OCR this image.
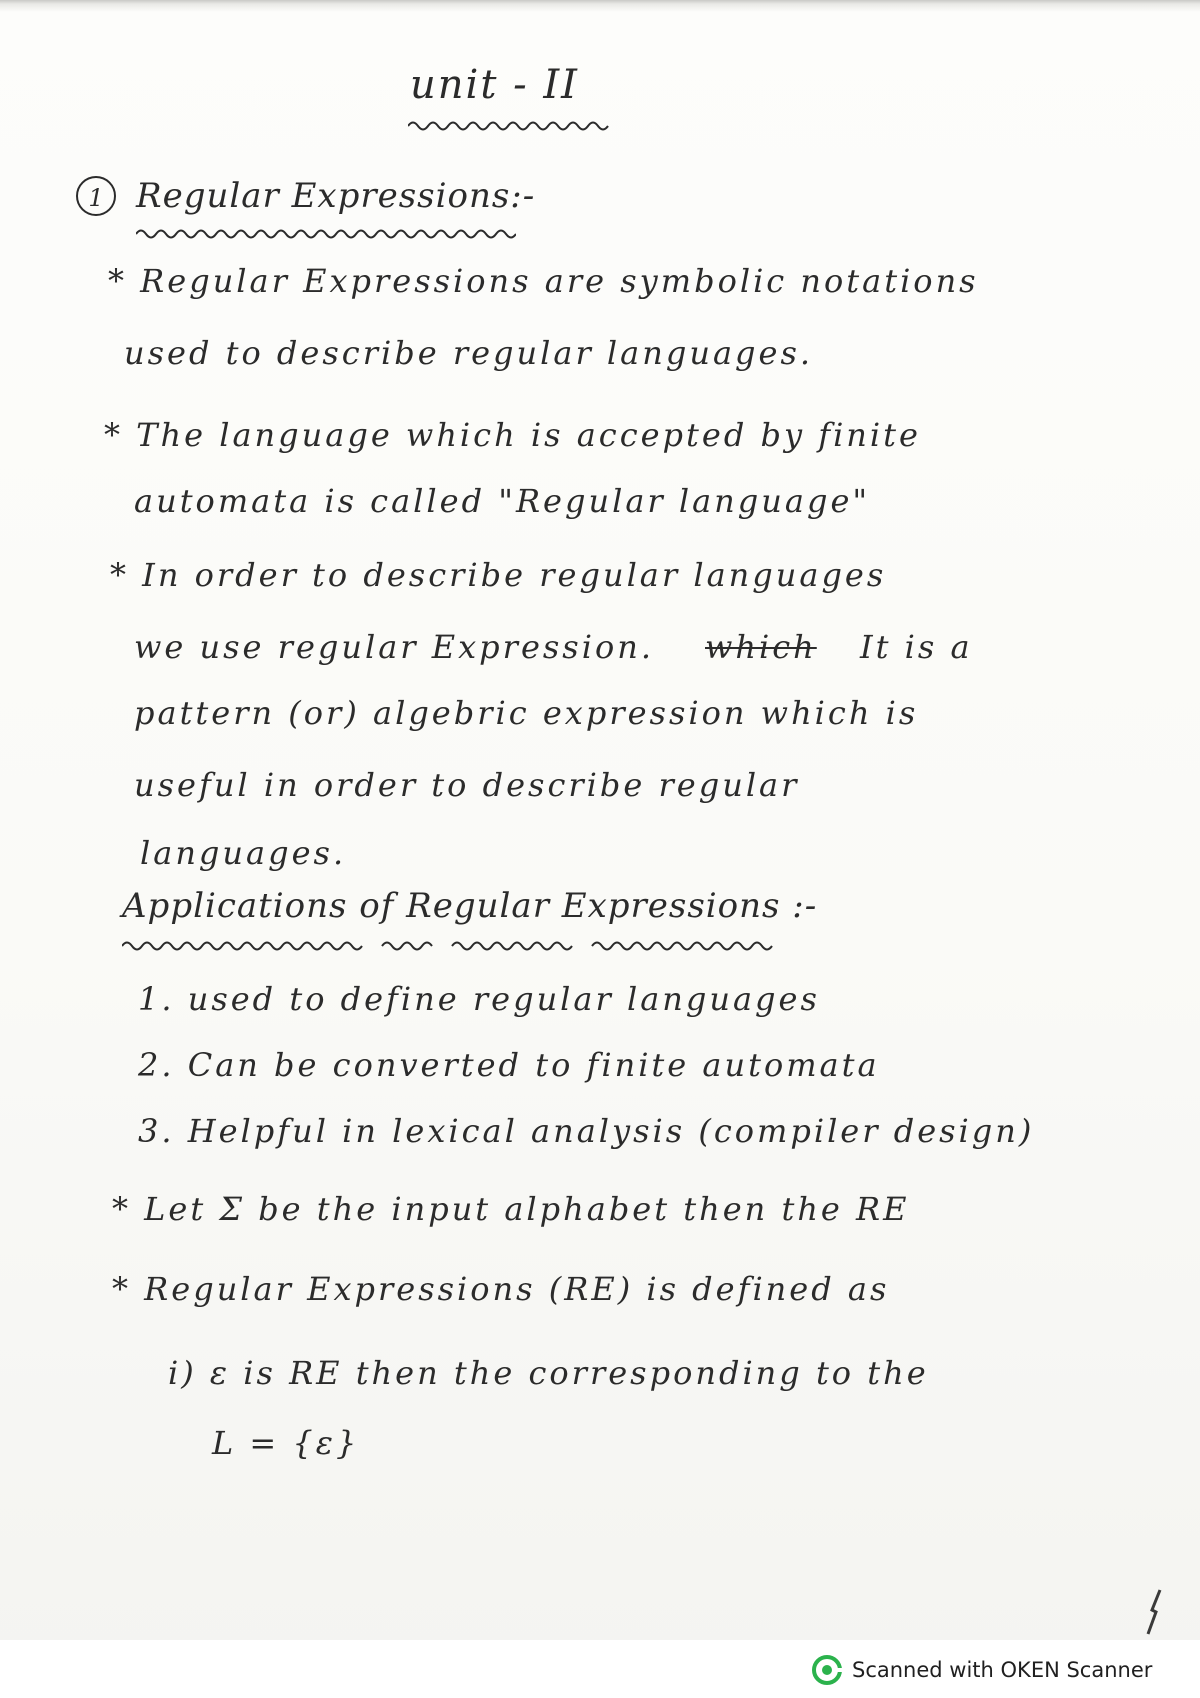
unit - II
1 Regular Expressions:-
* Regular Expressions are symbolic notations
used to describe regular languages.
* The language which is accepted by finite
automata is called "Regular language"
* In order to describe regular languages
we use regular Expression. which It is a
pattern (or) algebric expression which is
useful in order to describe regular
languages.
Applications of Regular Expressions :-
1. used to define regular languages
2. Can be converted to finite automata
3. Helpful in lexical analysis (compiler design)
* Let Σ be the input alphabet then the RE
* Regular Expressions (RE) is defined as
i) ε is RE then the corresponding to the
L = {ε}
Scanned with OKEN Scanner
